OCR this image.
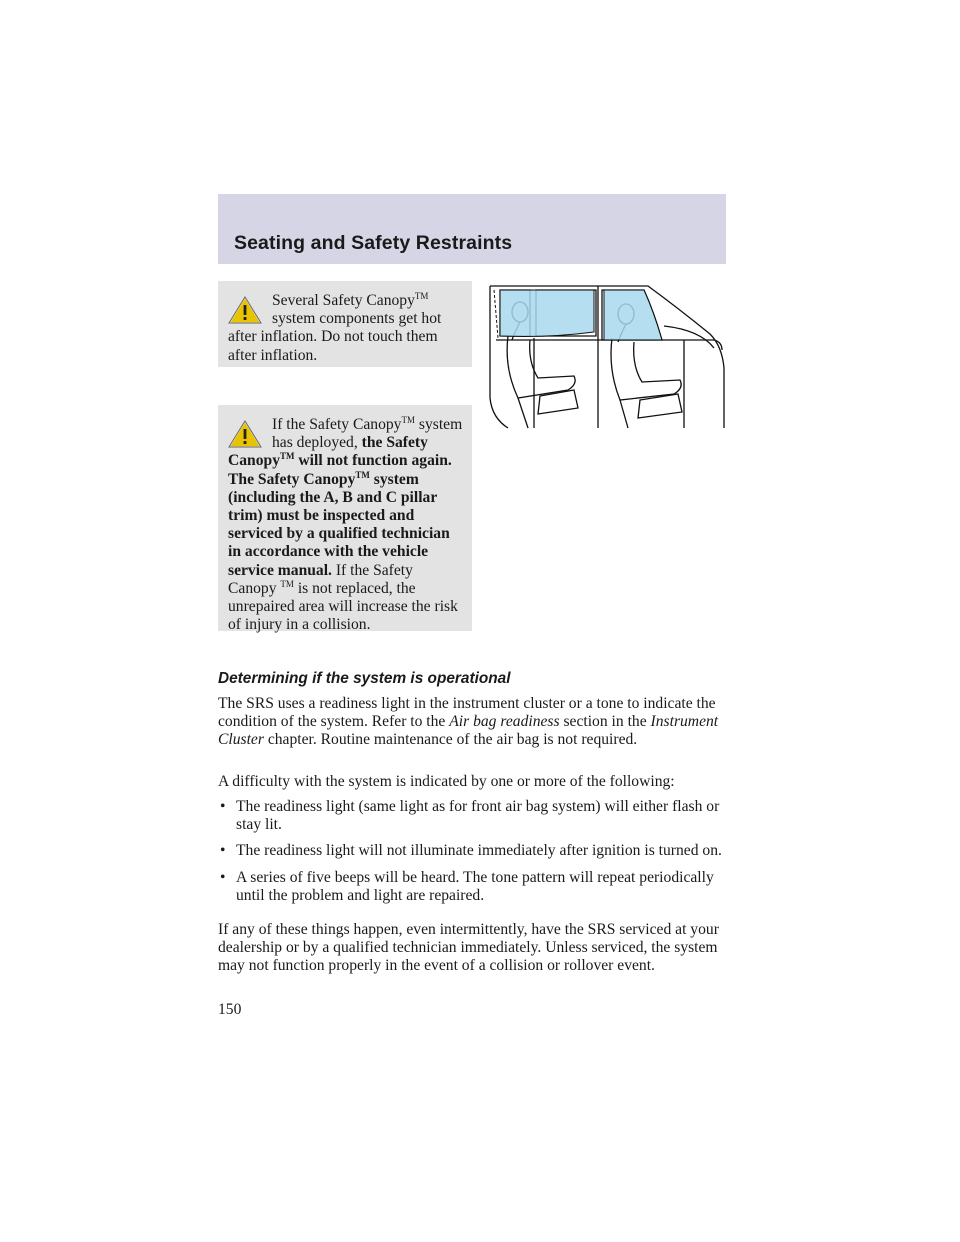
Seating and Safety Restraints

Several Safety Canopy™ system components get hot after inflation. Do not touch them after inflation.

If the Safety Canopy™ system has deployed, the Safety Canopy™ will not function again. The Safety Canopy™ system (including the A, B and C pillar trim) must be inspected and serviced by a qualified technician in accordance with the vehicle service manual. If the Safety Canopy ™ is not replaced, the unrepaired area will increase the risk of injury in a collision.

Determining if the system is operational

The SRS uses a readiness light in the instrument cluster or a tone to indicate the condition of the system. Refer to the Air bag readiness section in the Instrument Cluster chapter. Routine maintenance of the air bag is not required.

A difficulty with the system is indicated by one or more of the following:

• The readiness light (same light as for front air bag system) will either flash or stay lit.
• The readiness light will not illuminate immediately after ignition is turned on.
• A series of five beeps will be heard. The tone pattern will repeat periodically until the problem and light are repaired.

If any of these things happen, even intermittently, have the SRS serviced at your dealership or by a qualified technician immediately. Unless serviced, the system may not function properly in the event of a collision or rollover event.

150
